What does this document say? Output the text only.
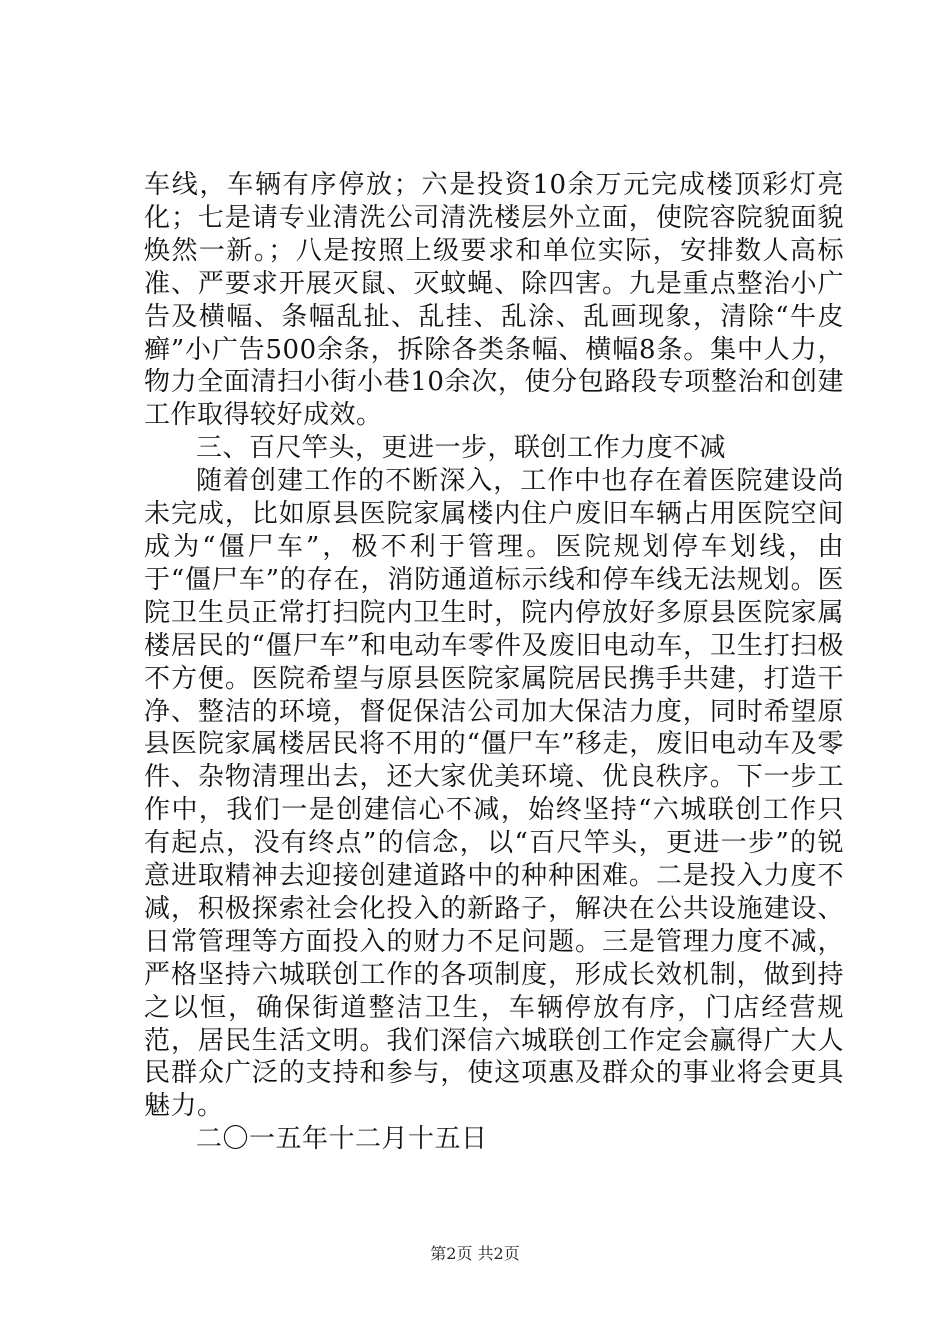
车线，车辆有序停放；六是投资10余万元完成楼顶彩灯亮化；七是请专业清洗公司清洗楼层外立面，使院容院貌面貌焕然一新。；八是按照上级要求和单位实际，安排数人高标准、严要求开展灭鼠、灭蚊蝇、除四害。九是重点整治小广告及横幅、条幅乱扯、乱挂、乱涂、乱画现象，清除“牛皮癣”小广告500余条，拆除各类条幅、横幅8条。集中人力，物力全面清扫小街小巷10余次，使分包路段专项整治和创建工作取得较好成效。

三、百尺竿头，更进一步，联创工作力度不减

随着创建工作的不断深入，工作中也存在着医院建设尚未完成，比如原县医院家属楼内住户废旧车辆占用医院空间成为“僵尸车”，极不利于管理。医院规划停车划线，由于“僵尸车”的存在，消防通道标示线和停车线无法规划。医院卫生员正常打扫院内卫生时，院内停放好多原县医院家属楼居民的“僵尸车”和电动车零件及废旧电动车，卫生打扫极不方便。医院希望与原县医院家属院居民携手共建，打造干净、整洁的环境，督促保洁公司加大保洁力度，同时希望原县医院家属楼居民将不用的“僵尸车”移走，废旧电动车及零件、杂物清理出去，还大家优美环境、优良秩序。下一步工作中，我们一是创建信心不减，始终坚持“六城联创工作只有起点，没有终点”的信念，以“百尺竿头，更进一步”的锐意进取精神去迎接创建道路中的种种困难。二是投入力度不减，积极探索社会化投入的新路子，解决在公共设施建设、日常管理等方面投入的财力不足问题。三是管理力度不减，严格坚持六城联创工作的各项制度，形成长效机制，做到持之以恒，确保街道整洁卫生，车辆停放有序，门店经营规范，居民生活文明。我们深信六城联创工作定会赢得广大人民群众广泛的支持和参与，使这项惠及群众的事业将会更具魅力。

二〇一五年十二月十五日

第2页 共2页
